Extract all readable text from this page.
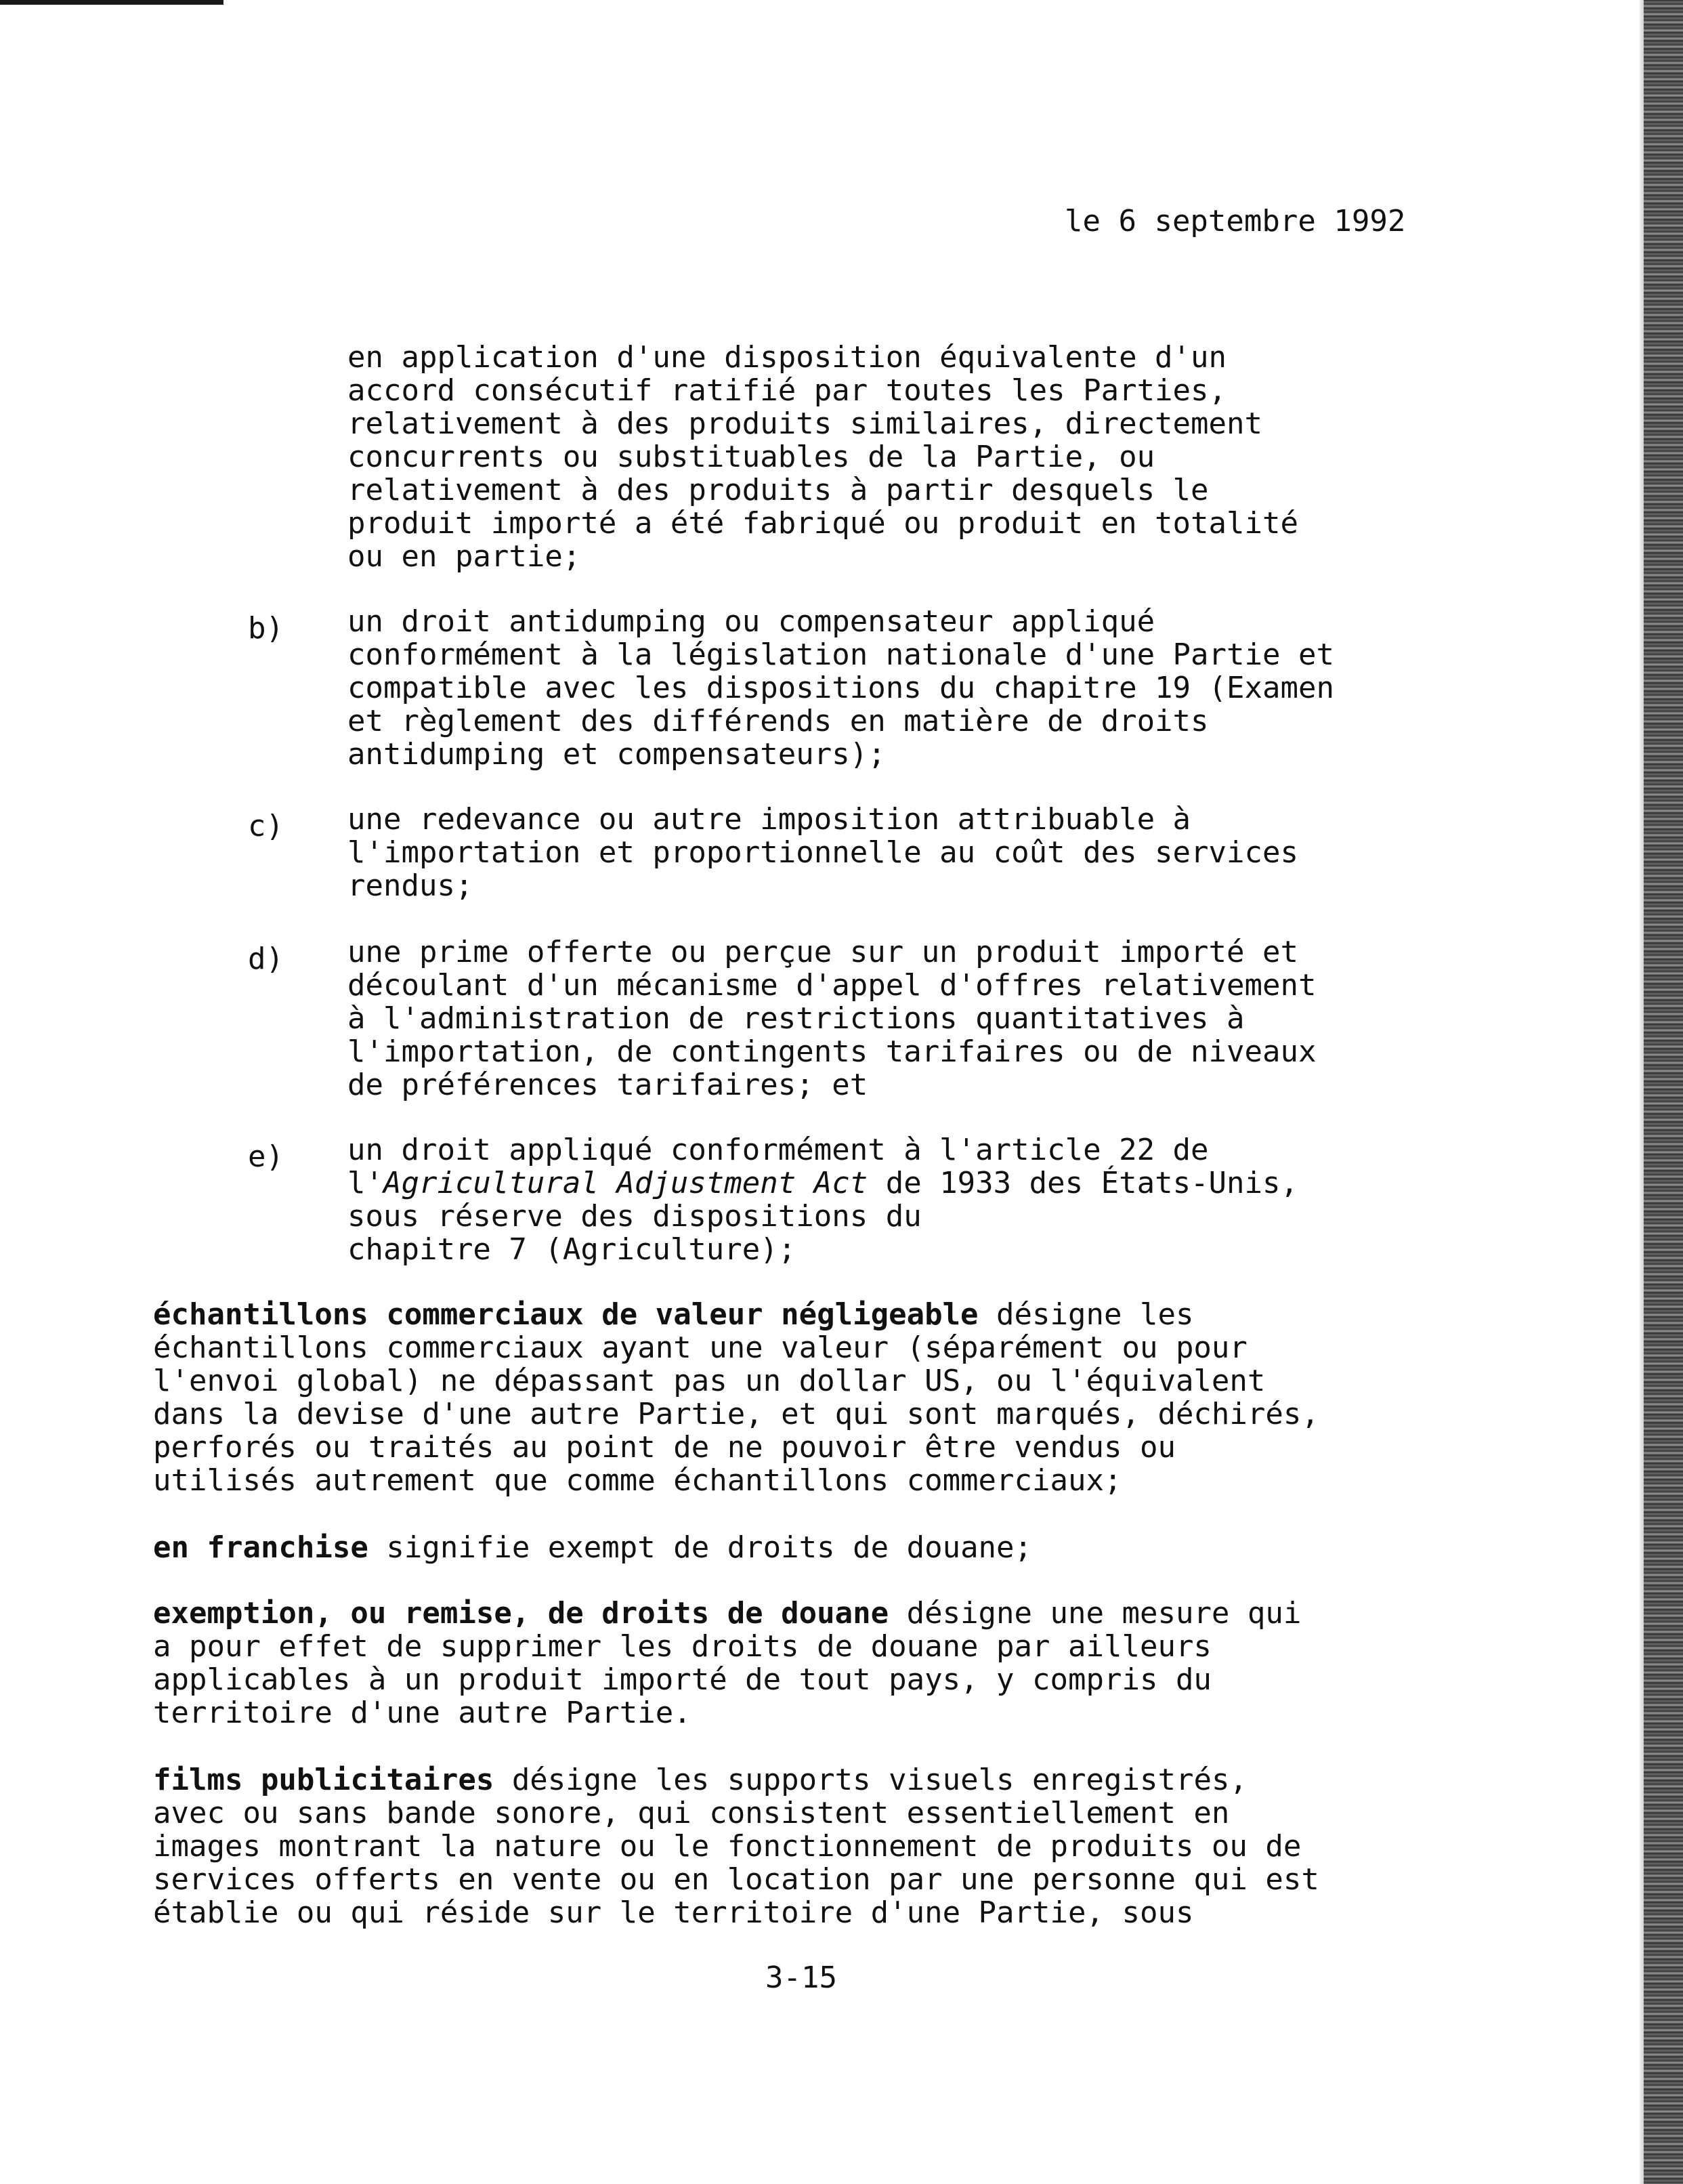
le 6 septembre 1992
en application d'une disposition équivalente d'un
accord consécutif ratifié par toutes les Parties,
relativement à des produits similaires, directement
concurrents ou substituables de la Partie, ou
relativement à des produits à partir desquels le
produit importé a été fabriqué ou produit en totalité
ou en partie;
b) un droit antidumping ou compensateur appliqué
conformément à la législation nationale d'une Partie et
compatible avec les dispositions du chapitre 19 (Examen
et règlement des différends en matière de droits
antidumping et compensateurs);
c) une redevance ou autre imposition attribuable à
l'importation et proportionnelle au coût des services
rendus;
d) une prime offerte ou perçue sur un produit importé et
découlant d'un mécanisme d'appel d'offres relativement
à l'administration de restrictions quantitatives à
l'importation, de contingents tarifaires ou de niveaux
de préférences tarifaires; et
e) un droit appliqué conformément à l'article 22 de
l'Agricultural Adjustment Act de 1933 des États-Unis,
sous réserve des dispositions du
chapitre 7 (Agriculture);
échantillons commerciaux de valeur négligeable désigne les
échantillons commerciaux ayant une valeur (séparément ou pour
l'envoi global) ne dépassant pas un dollar US, ou l'équivalent
dans la devise d'une autre Partie, et qui sont marqués, déchirés,
perforés ou traités au point de ne pouvoir être vendus ou
utilisés autrement que comme échantillons commerciaux;
en franchise signifie exempt de droits de douane;
exemption, ou remise, de droits de douane désigne une mesure qui
a pour effet de supprimer les droits de douane par ailleurs
applicables à un produit importé de tout pays, y compris du
territoire d'une autre Partie.
films publicitaires désigne les supports visuels enregistrés,
avec ou sans bande sonore, qui consistent essentiellement en
images montrant la nature ou le fonctionnement de produits ou de
services offerts en vente ou en location par une personne qui est
établie ou qui réside sur le territoire d'une Partie, sous
3-15
